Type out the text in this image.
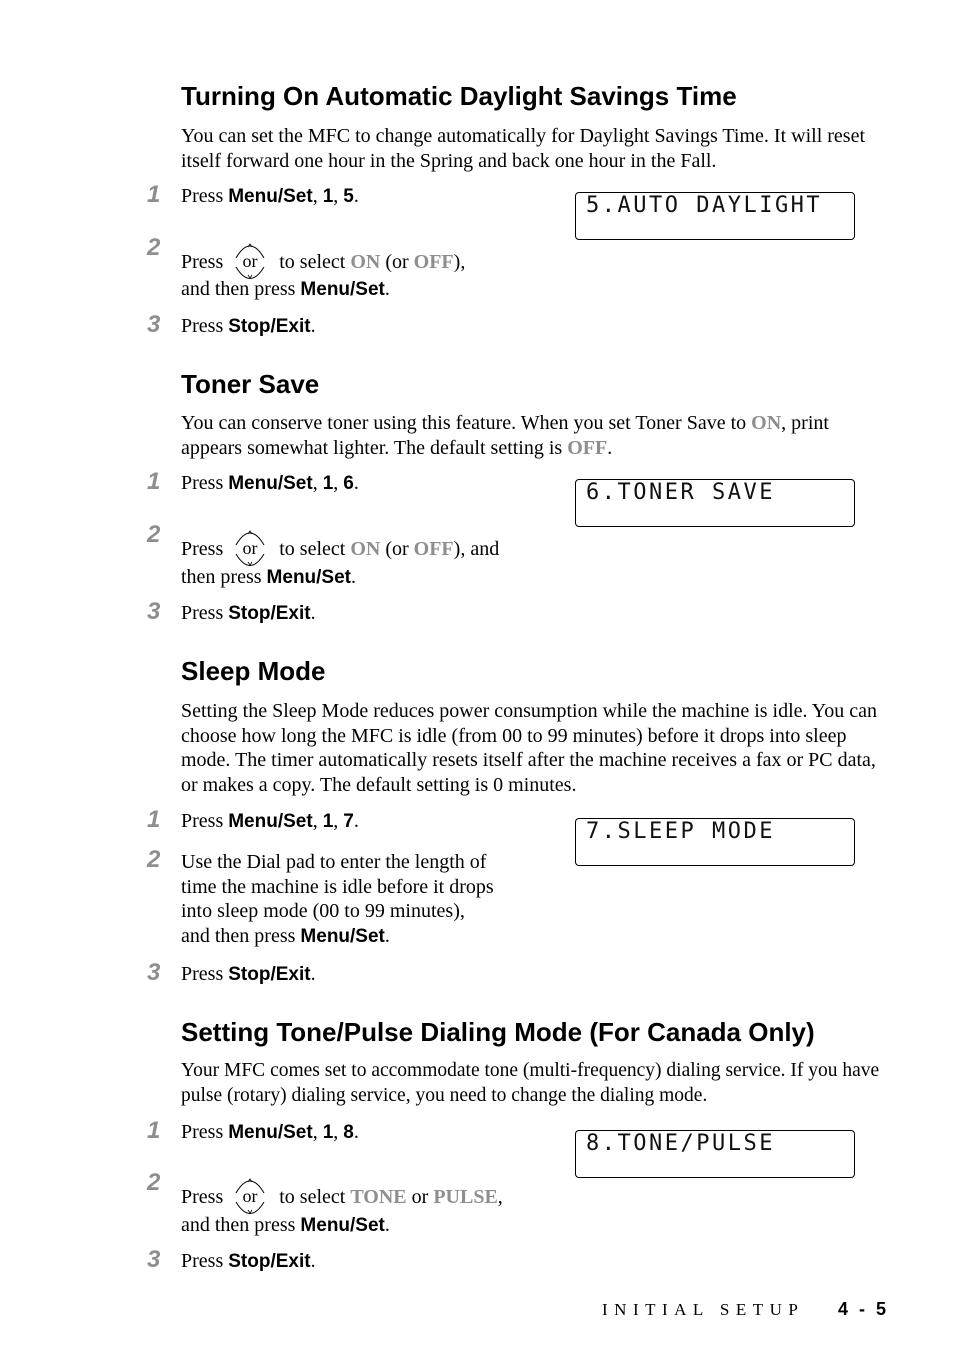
Turning On Automatic Daylight Savings Time
You can set the MFC to change automatically for Daylight Savings Time. It will reset itself forward one hour in the Spring and back one hour in the Fall.
1	Press Menu/Set, 1, 5.	5.AUTO DAYLIGHT
2
Press or to select ON (or OFF),
and then press Menu/Set.
3	Press Stop/Exit.
Toner Save
You can conserve toner using this feature. When you set Toner Save to ON, print appears somewhat lighter. The default setting is OFF.
1	Press Menu/Set, 1, 6.	6.TONER SAVE
2
Press or to select ON (or OFF), and
then press Menu/Set.
3	Press Stop/Exit.
Sleep Mode
Setting the Sleep Mode reduces power consumption while the machine is idle. You can choose how long the MFC is idle (from 00 to 99 minutes) before it drops into sleep mode. The timer automatically resets itself after the machine receives a fax or PC data, or makes a copy. The default setting is 0 minutes.
1	Press Menu/Set, 1, 7.	7.SLEEP MODE
2	Use the Dial pad to enter the length of
time the machine is idle before it drops
into sleep mode (00 to 99 minutes),
and then press Menu/Set.
3	Press Stop/Exit.
Setting Tone/Pulse Dialing Mode (For Canada Only)
Your MFC comes set to accommodate tone (multi-frequency) dialing service. If you have pulse (rotary) dialing service, you need to change the dialing mode.
1	Press Menu/Set, 1, 8.	8.TONE/PULSE
2
Press or to select TONE or PULSE,
and then press Menu/Set.
3	Press Stop/Exit.
INITIAL SETUP 4 - 5
